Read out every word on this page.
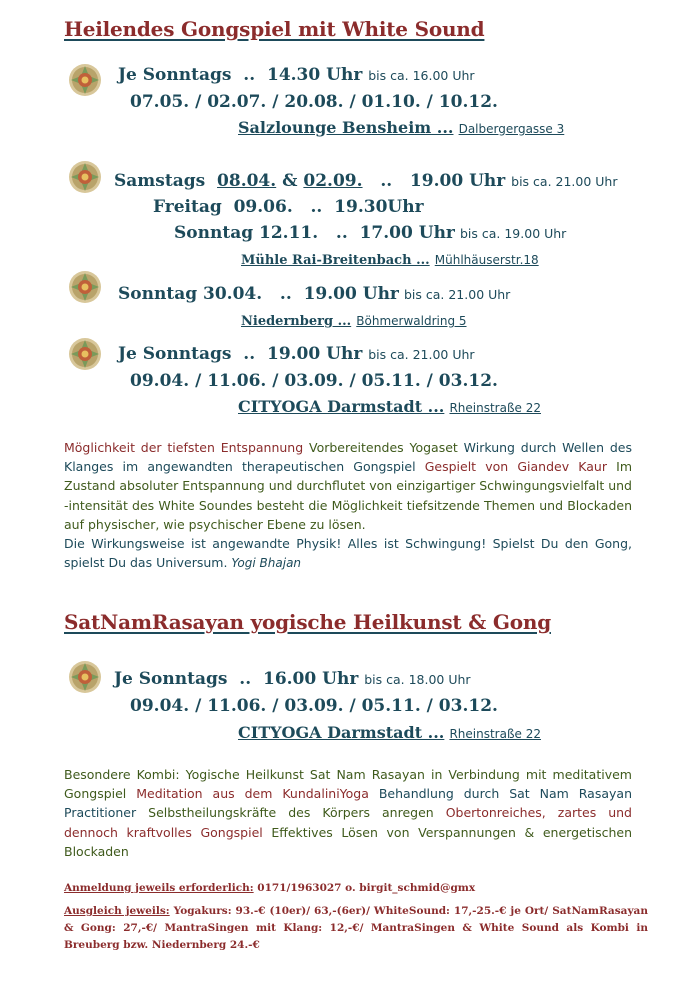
Heilendes Gongspiel mit White Sound
Je Sonntags .. 14.30 Uhr bis ca. 16.00 Uhr
07.05. / 02.07. / 20.08. / 01.10. / 10.12.
Salzlounge Bensheim ... Dalbergergasse 3
Samstags 08.04. & 02.09. .. 19.00 Uhr bis ca. 21.00 Uhr
Freitag  09.06.   ..  19.30Uhr
Sonntag 12.11.   ..  17.00 Uhr bis ca. 19.00 Uhr
Mühle Rai-Breitenbach ... Mühlhäuserstr.18
Sonntag 30.04.   ..  19.00 Uhr bis ca. 21.00 Uhr
Niedernberg ... Böhmerwaldring 5
Je Sonntags .. 19.00 Uhr bis ca. 21.00 Uhr
09.04. / 11.06. / 03.09. / 05.11. / 03.12.
CITYOGA Darmstadt ... Rheinstraße 22
Möglichkeit der tiefsten Entspannung Vorbereitendes Yogaset Wirkung durch Wellen des Klanges im angewandten therapeutischen Gongspiel Gespielt von Giandev Kaur Im Zustand absoluter Entspannung und durchflutet von einzigartiger Schwingungsvielfalt und -intensität des White Soundes besteht die Möglichkeit tiefsitzende Themen und Blockaden auf physischer, wie psychischer Ebene zu lösen.
Die Wirkungsweise ist angewandte Physik! Alles ist Schwingung! Spielst Du den Gong, spielst Du das Universum. Yogi Bhajan
SatNamRasayan yogische Heilkunst & Gong
Je Sonntags .. 16.00 Uhr bis ca. 18.00 Uhr
09.04. / 11.06. / 03.09. / 05.11. / 03.12.
CITYOGA Darmstadt ... Rheinstraße 22
Besondere Kombi: Yogische Heilkunst Sat Nam Rasayan in Verbindung mit meditativem Gongspiel Meditation aus dem KundaliniYoga Behandlung durch Sat Nam Rasayan Practitioner Selbstheilungskräfte des Körpers anregen Obertonreiches, zartes und dennoch kraftvolles Gongspiel Effektives Lösen von Verspannungen & energetischen Blockaden
Anmeldung jeweils erforderlich: 0171/1963027 o. birgit_schmid@gmx
Ausgleich jeweils: Yogakurs: 93.-€ (10er)/ 63,-(6er)/ WhiteSound: 17,-25.-€ je Ort/ SatNamRasayan & Gong: 27,-€/ MantraSingen mit Klang: 12,-€/ MantraSingen & White Sound als Kombi in Breuberg bzw. Niedernberg 24.-€
